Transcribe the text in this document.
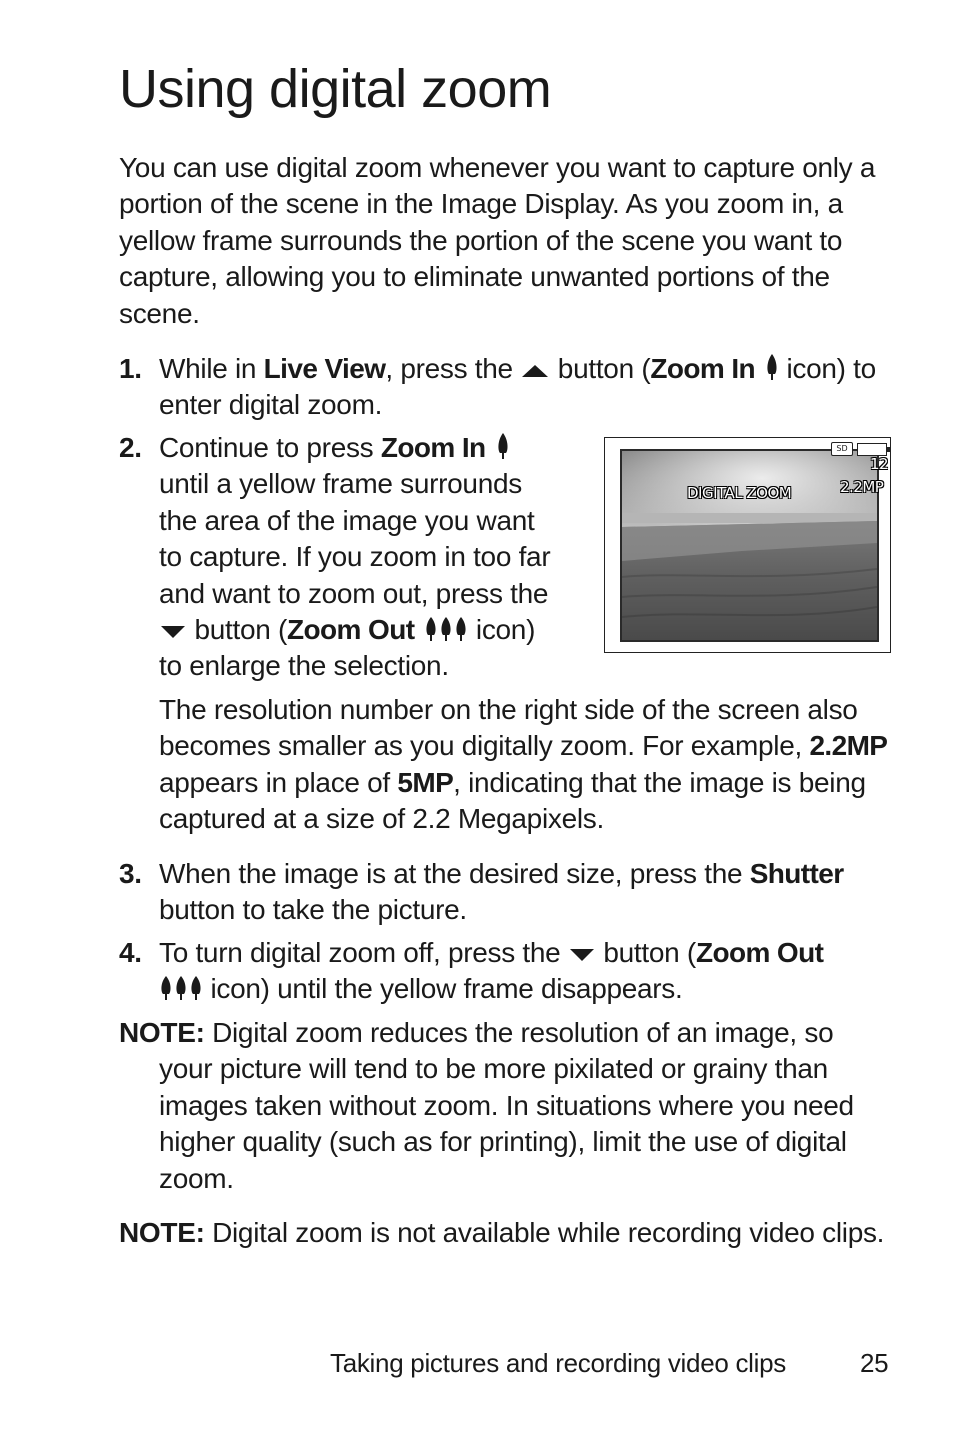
Using digital zoom

You can use digital zoom whenever you want to capture only a portion of the scene in the Image Display. As you zoom in, a yellow frame surrounds the portion of the scene you want to capture, allowing you to eliminate unwanted portions of the scene.

1. While in Live View, press the  button (Zoom In icon) to enter digital zoom.
2. Continue to press Zoom In
until a yellow frame surrounds
the area of the image you want
to capture. If you zoom in too far
and want to zoom out, press the
button (Zoom Out icon)
to enlarge the selection.
The resolution number on the right side of the screen also becomes smaller as you digitally zoom. For example, 2.2MP appears in place of 5MP, indicating that the image is being captured at a size of 2.2 Megapixels.
DIGITAL ZOOM
SD
12
2.2MP
3. When the image is at the desired size, press the Shutter button to take the picture.
4. To turn digital zoom off, press the  button (Zoom Out
icon) until the yellow frame disappears.
NOTE: Digital zoom reduces the resolution of an image, so your picture will tend to be more pixilated or grainy than images taken without zoom. In situations where you need higher quality (such as for printing), limit the use of digital zoom.
NOTE: Digital zoom is not available while recording video clips.
Taking pictures and recording video clips	25
